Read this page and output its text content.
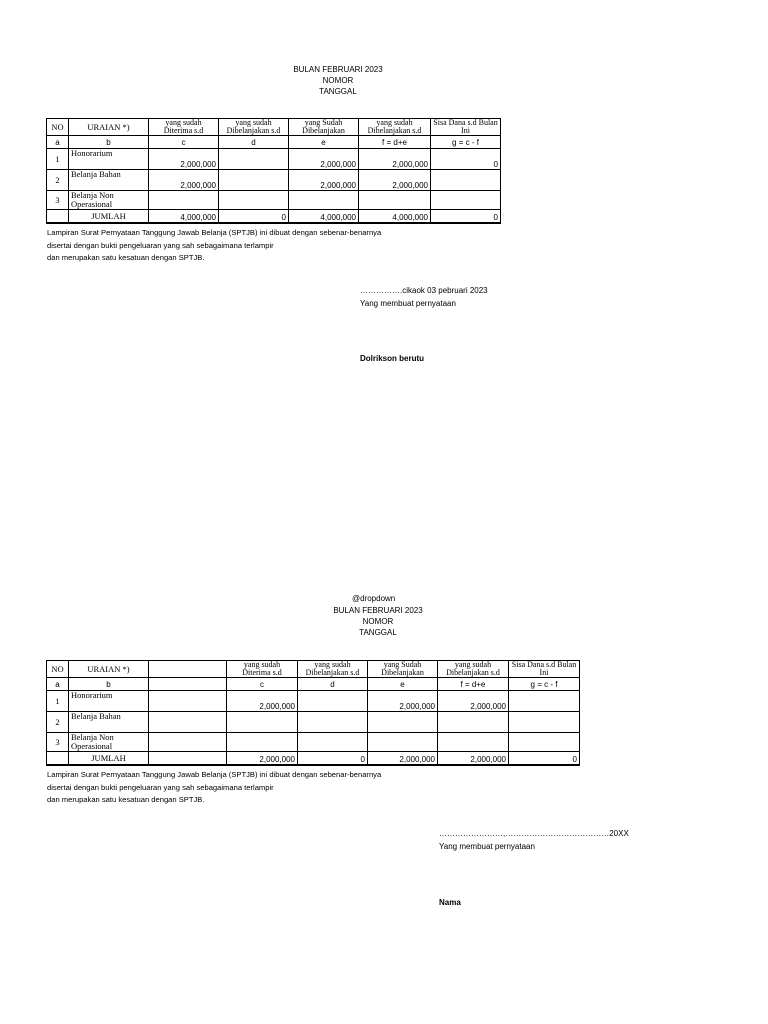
BULAN FEBRUARI 2023
NOMOR
TANGGAL
NO	URAIAN *)	yang sudah Diterima s.d	yang sudah Dibelanjakan s.d	yang Sudah Dibelanjakan	yang sudah Dibelanjakan s.d	Sisa Dana s.d Bulan Ini
a	b	c	d	e	f = d+e	g = c - f
1	Honorarium	2,000,000		2,000,000	2,000,000	0
2	Belanja Bahan	2,000,000		2,000,000	2,000,000	
3	Belanja Non Operasional					
	JUMLAH	4,000,000	0	4,000,000	4,000,000	0
Lampiran Surat Pernyataan Tanggung Jawab Belanja (SPTJB) ini dibuat dengan sebenar-benarnya
disertai dengan bukti pengeluaran yang sah sebagaimana terlampir
dan merupakan satu kesatuan dengan SPTJB.
…………….cikaok 03 pebruari 2023
Yang membuat pernyataan
Dolrikson berutu
@dropdown
BULAN FEBRUARI 2023
NOMOR
TANGGAL
NO	URAIAN *)		yang sudah Diterima s.d	yang sudah Dibelanjakan s.d	yang Sudah Dibelanjakan	yang sudah Dibelanjakan s.d	Sisa Dana s.d Bulan Ini
a	b		c	d	e	f = d+e	g = c - f
1	Honorarium		2,000,000		2,000,000	2,000,000	
2	Belanja Bahan						
3	Belanja Non Operasional						
	JUMLAH		2,000,000	0	2,000,000	2,000,000	0
Lampiran Surat Pernyataan Tanggung Jawab Belanja (SPTJB) ini dibuat dengan sebenar-benarnya
disertai dengan bukti pengeluaran yang sah sebagaimana terlampir
dan merupakan satu kesatuan dengan SPTJB.
……………………,…………………………………20XX
Yang membuat pernyataan
Nama
